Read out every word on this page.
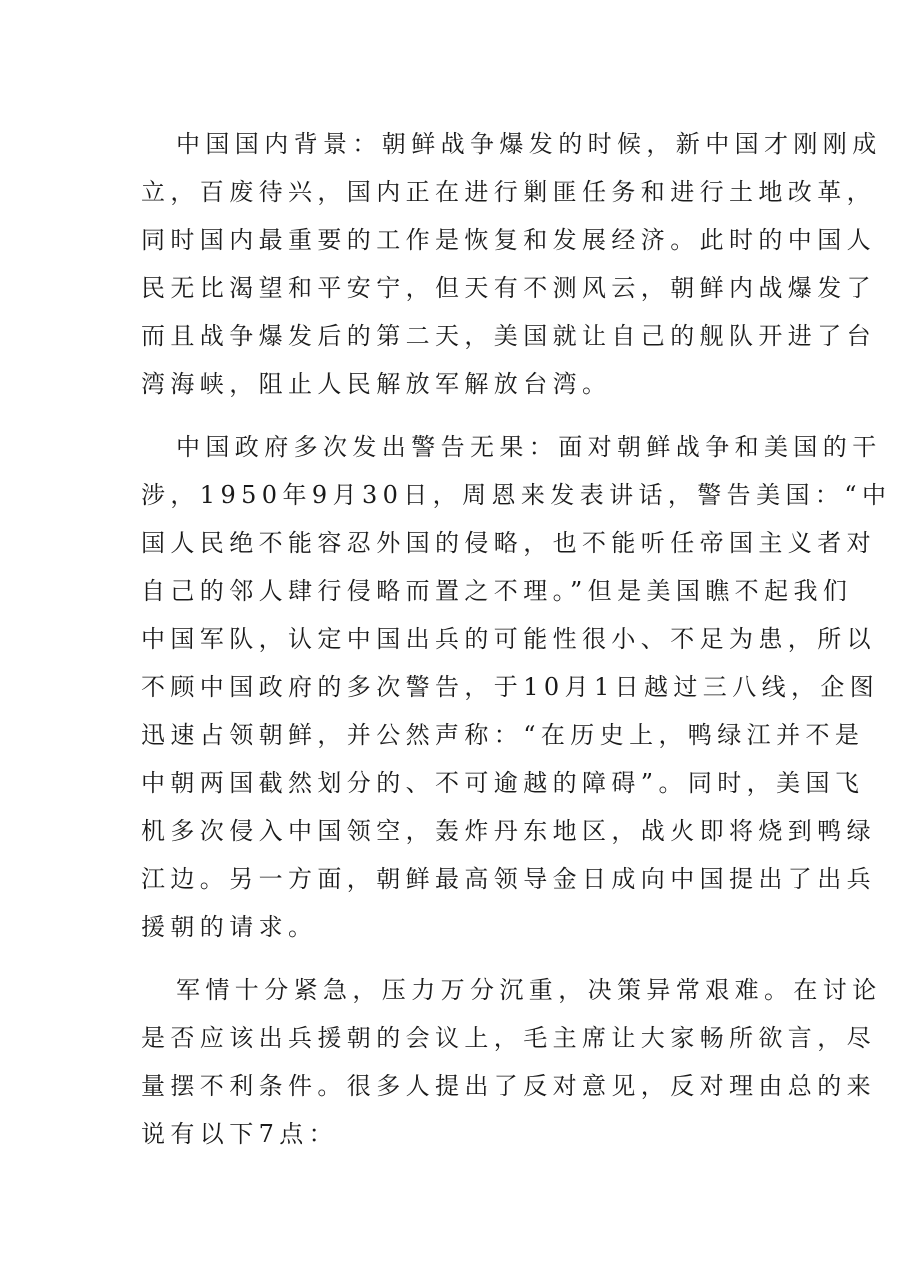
中国国内背景：朝鲜战争爆发的时候，新中国才刚刚成
立，百废待兴，国内正在进行剿匪任务和进行土地改革，
同时国内最重要的工作是恢复和发展经济。此时的中国人
民无比渴望和平安宁，但天有不测风云，朝鲜内战爆发了
而且战争爆发后的第二天，美国就让自己的舰队开进了台
湾海峡，阻止人民解放军解放台湾。
中国政府多次发出警告无果：面对朝鲜战争和美国的干
涉，1950年9月30日，周恩来发表讲话，警告美国：“中
国人民绝不能容忍外国的侵略，也不能听任帝国主义者对
自己的邻人肆行侵略而置之不理。”但是美国瞧不起我们
中国军队，认定中国出兵的可能性很小、不足为患，所以
不顾中国政府的多次警告，于10月1日越过三八线，企图
迅速占领朝鲜，并公然声称：“在历史上，鸭绿江并不是
中朝两国截然划分的、不可逾越的障碍”。同时，美国飞
机多次侵入中国领空，轰炸丹东地区，战火即将烧到鸭绿
江边。另一方面，朝鲜最高领导金日成向中国提出了出兵
援朝的请求。
军情十分紧急，压力万分沉重，决策异常艰难。在讨论
是否应该出兵援朝的会议上，毛主席让大家畅所欲言，尽
量摆不利条件。很多人提出了反对意见，反对理由总的来
说有以下7点：
